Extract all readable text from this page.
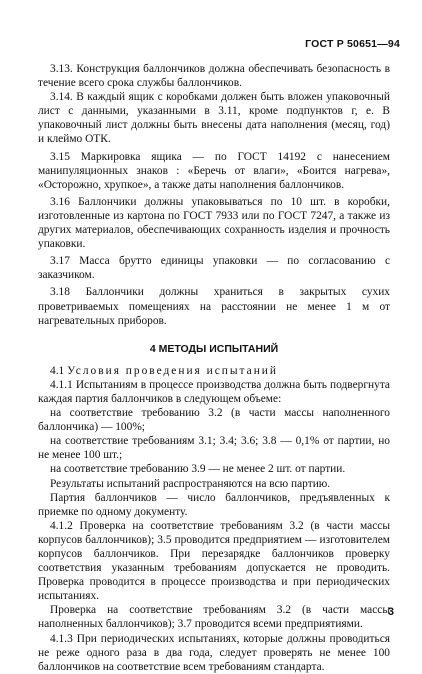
ГОСТ Р 50651—94

3.13. Конструкция баллончиков должна обеспечивать безопасность в течение всего срока службы баллончиков.

3.14. В каждый ящик с коробками должен быть вложен упаковочный лист с данными, указанными в 3.11, кроме подпунктов г, е. В упаковочный лист должны быть внесены дата наполнения (месяц, год) и клеймо ОТК.

3.15 Маркировка ящика — по ГОСТ 14192 с нанесением манипуляционных знаков : «Беречь от влаги», «Боится нагрева», «Осторожно, хрупкое», а также даты наполнения баллончиков.

3.16 Баллончики должны упаковываться по 10 шт. в коробки, изготовленные из картона по ГОСТ 7933 или по ГОСТ 7247, а также из других материалов, обеспечивающих сохранность изделия и прочность упаковки.

3.17 Масса брутто единицы упаковки — по согласованию с заказчиком.

3.18 Баллончики должны храниться в закрытых сухих проветриваемых помещениях на расстоянии не менее 1 м от нагревательных приборов.

4 МЕТОДЫ ИСПЫТАНИЙ

4.1 Условия проведения испытаний

4.1.1 Испытаниям в процессе производства должна быть подвергнута каждая партия баллончиков в следующем объеме:

на соответствие требованию 3.2 (в части массы наполненного баллончика) — 100%;

на соответствие требованиям 3.1; 3.4; 3.6; 3.8 — 0,1% от партии, но не менее 100 шт.;

на соответствие требованию 3.9 — не менее 2 шт. от партии.

Результаты испытаний распространяются на всю партию.

Партия баллончиков — число баллончиков, предъявленных к приемке по одному документу.

4.1.2 Проверка на соответствие требованиям 3.2 (в части массы корпусов баллончиков); 3.5 проводится предприятием — изготовителем корпусов баллончиков. При перезарядке баллончиков проверку соответствия указанным требованиям допускается не проводить. Проверка проводится в процессе производства и при периодических испытаниях.

Проверка на соответствие требованиям 3.2 (в части массы наполненных баллончиков); 3.7 проводится всеми предприятиями.

4.1.3 При периодических испытаниях, которые должны проводиться не реже одного раза в два года, следует проверять не менее 100 баллончиков на соответствие всем требованиям стандарта.

3
